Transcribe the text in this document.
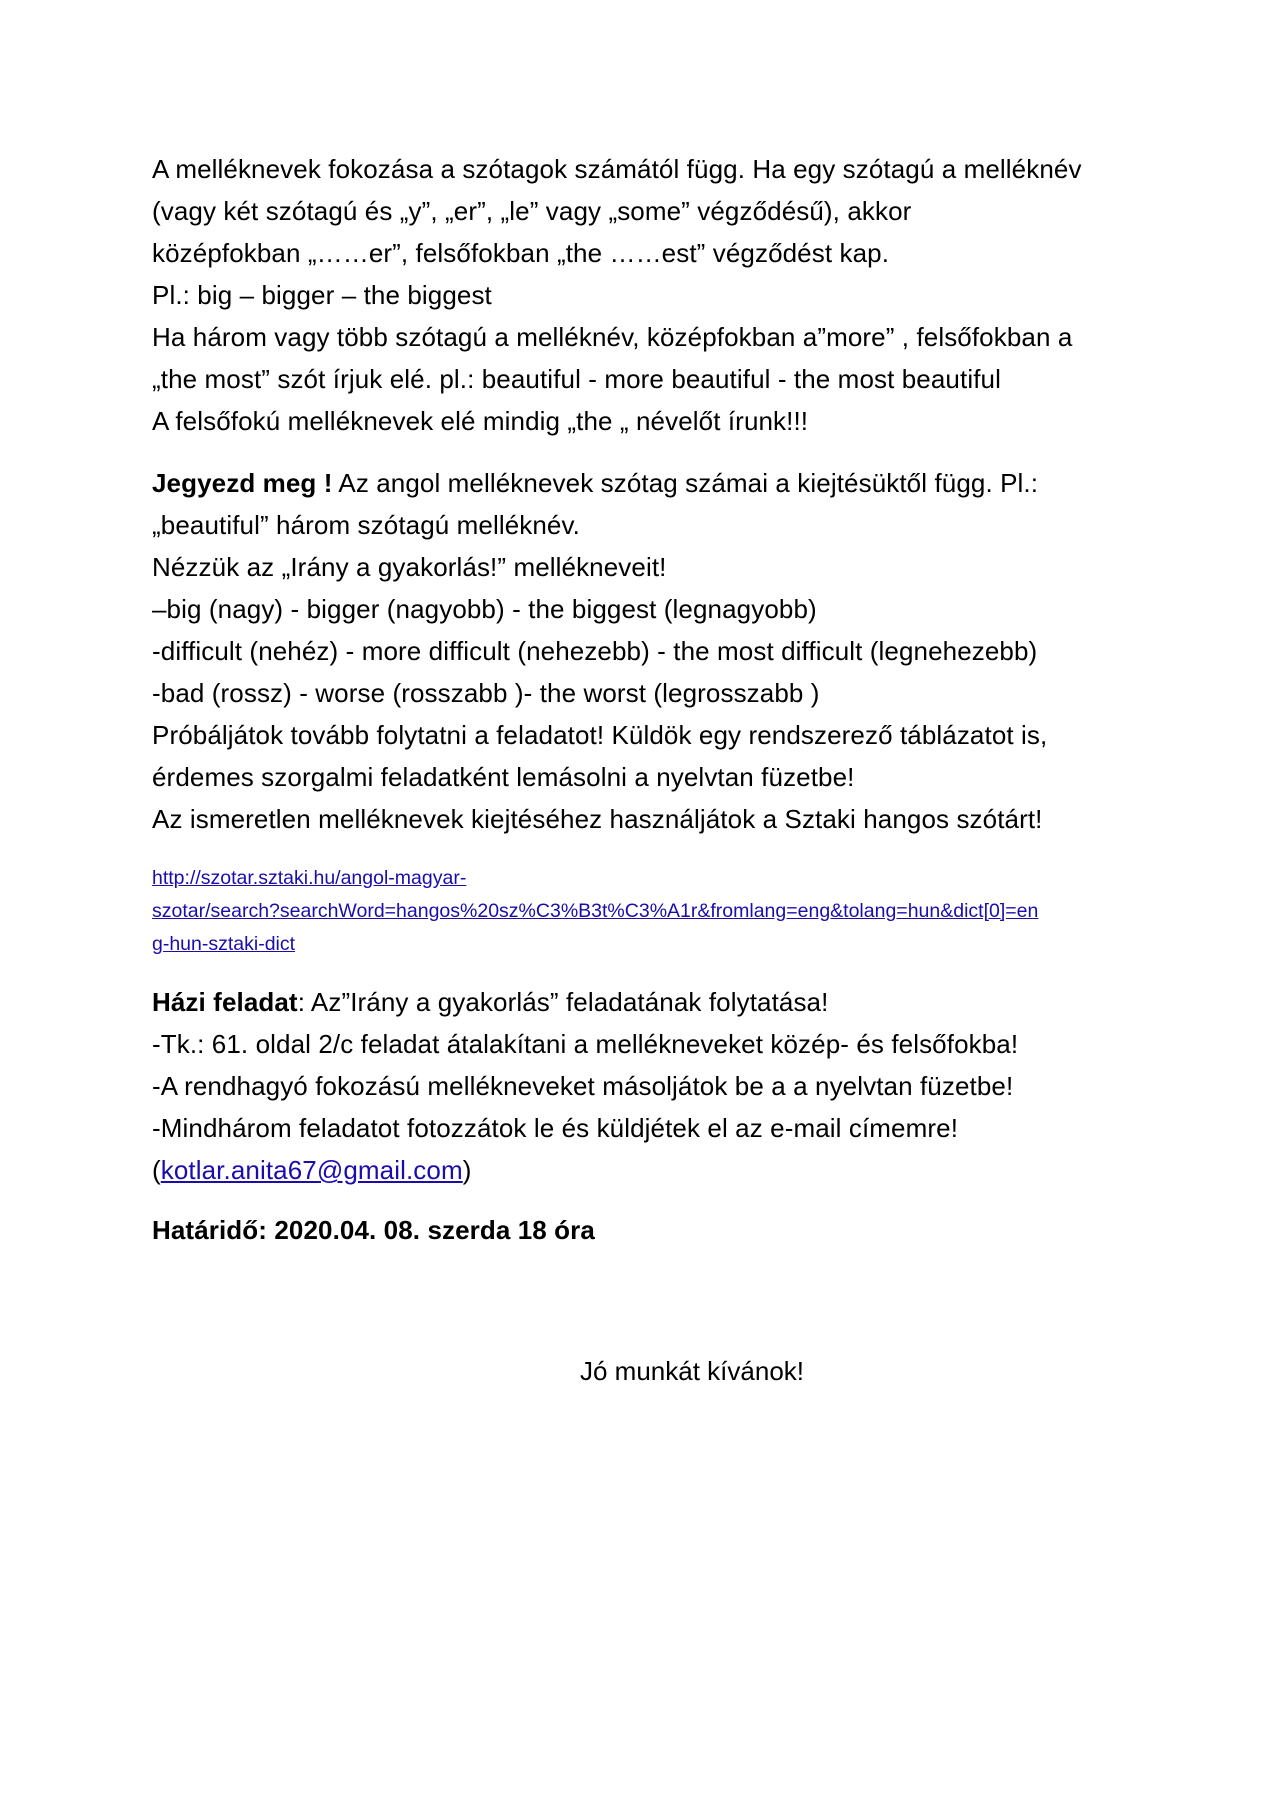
A melléknevek fokozása a szótagok számától függ. Ha egy szótagú a melléknév
(vagy két szótagú és „y”, „er”, „le” vagy „some” végződésű), akkor
középfokban „……er”, felsőfokban „the ……est” végződést kap.
Pl.: big – bigger – the biggest
Ha három vagy több szótagú a melléknév, középfokban a”more” , felsőfokban a
„the most” szót írjuk elé. pl.: beautiful - more beautiful - the most beautiful
A felsőfokú melléknevek elé mindig „the „ névelőt írunk!!!
Jegyezd meg ! Az angol melléknevek szótag számai a kiejtésüktől függ. Pl.:
„beautiful” három szótagú melléknév.
Nézzük az „Irány a gyakorlás!” mellékneveit!
–big (nagy) - bigger (nagyobb) - the biggest (legnagyobb)
-difficult (nehéz) - more difficult (nehezebb) - the most difficult (legnehezebb)
-bad (rossz) - worse (rosszabb )- the worst (legrosszabb )
Próbáljátok tovább folytatni a feladatot! Küldök egy rendszerező táblázatot is,
érdemes szorgalmi feladatként lemásolni a nyelvtan füzetbe!
Az ismeretlen melléknevek kiejtéséhez használjátok a Sztaki hangos szótárt!
http://szotar.sztaki.hu/angol-magyar-
szotar/search?searchWord=hangos%20sz%C3%B3t%C3%A1r&fromlang=eng&tolang=hun&dict[0]=en
g-hun-sztaki-dict
Házi feladat: Az”Irány a gyakorlás” feladatának folytatása!
-Tk.: 61. oldal 2/c feladat átalakítani a mellékneveket közép- és felsőfokba!
-A rendhagyó fokozású mellékneveket másoljátok be a a nyelvtan füzetbe!
-Mindhárom feladatot fotozzátok le és küldjétek el az e-mail címemre!
(kotlar.anita67@gmail.com)
Határidő: 2020.04. 08. szerda 18 óra
Jó munkát kívánok!
